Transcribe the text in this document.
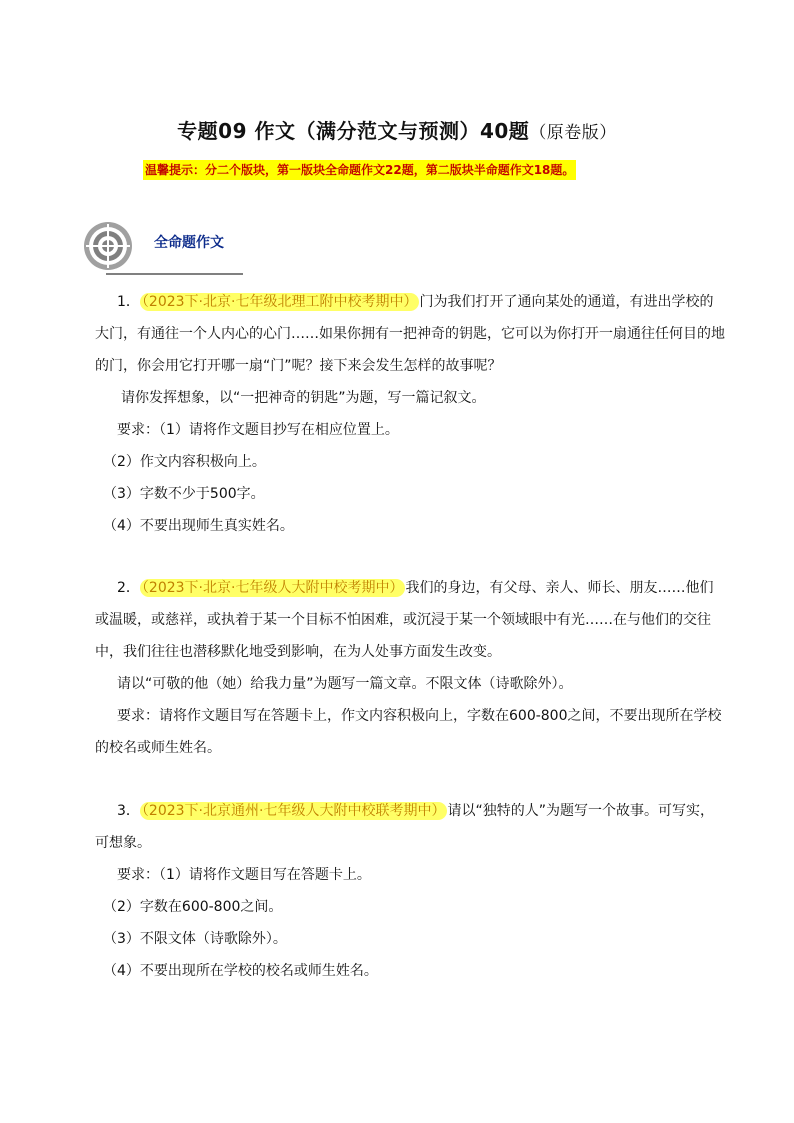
专题09 作文（满分范文与预测）40题（原卷版）
温馨提示：分二个版块，第一版块全命题作文22题，第二版块半命题作文18题。
全命题作文

1． （2023下·北京·七年级北理工附中校考期中） 门为我们打开了通向某处的通道，有进出学校的大门，有通往一个人内心的心门……如果你拥有一把神奇的钥匙，它可以为你打开一扇通往任何目的地的门，你会用它打开哪一扇“门”呢？接下来会发生怎样的故事呢？

请你发挥想象，以“一把神奇的钥匙”为题，写一篇记叙文。

要求：（1）请将作文题目抄写在相应位置上。

（2）作文内容积极向上。

（3）字数不少于500字。

（4）不要出现师生真实姓名。

2． （2023下·北京·七年级人大附中校考期中） 我们的身边，有父母、亲人、师长、朋友……他们或温暖，或慈祥，或执着于某一个目标不怕困难，或沉浸于某一个领域眼中有光……在与他们的交往中，我们往往也潜移默化地受到影响，在为人处事方面发生改变。

请以“可敬的他（她）给我力量”为题写一篇文章。不限文体（诗歌除外）。

要求：请将作文题目写在答题卡上，作文内容积极向上，字数在600-800之间，不要出现所在学校的校名或师生姓名。

3． （2023下·北京通州·七年级人大附中校联考期中） 请以“独特的人”为题写一个故事。可写实，可想象。

要求：（1）请将作文题目写在答题卡上。

（2）字数在600-800之间。

（3）不限文体（诗歌除外）。

（4）不要出现所在学校的校名或师生姓名。
